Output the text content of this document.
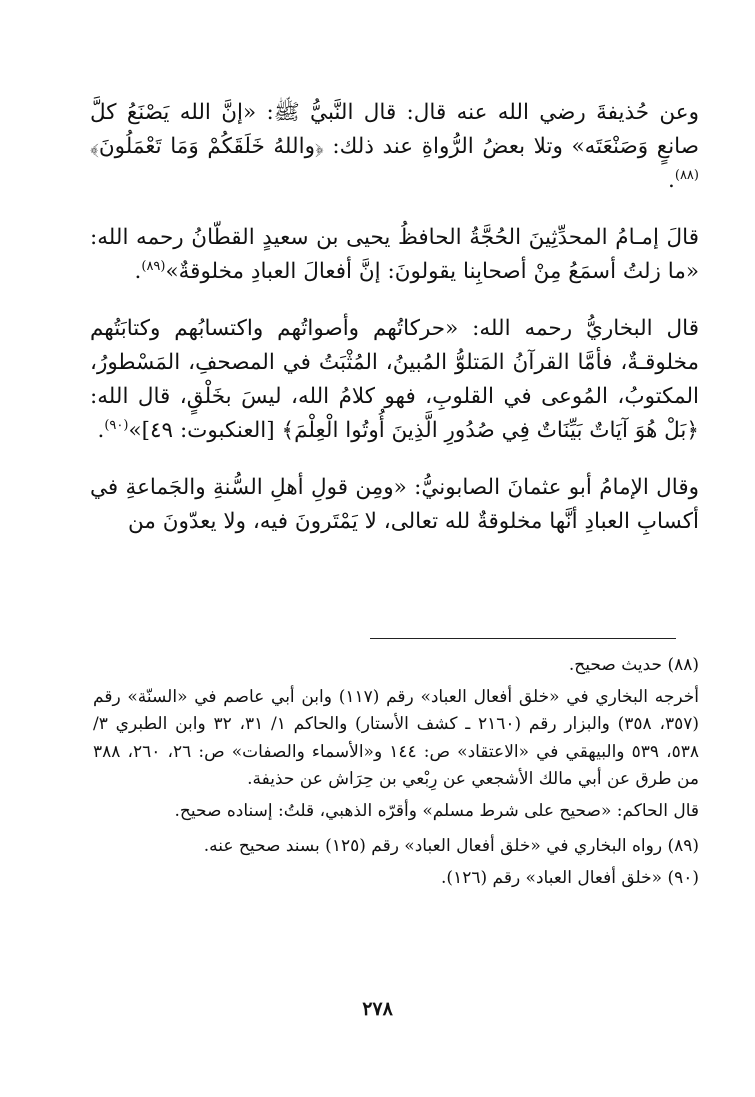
وعن حُذيفةَ رضي الله عنه قال: قال النَّبيُّ ﷺ: «إنَّ الله يَصْنَعُ كلَّ صانعٍ وَصَنْعَتَه» وتلا بعضُ الرُّواةِ عند ذلك: ﴿واللهُ خَلَقَكُمْ وَمَا تَعْمَلُونَ﴾$^{(٨٨)}$.

قالَ إمـامُ المحدِّثِينَ الحُجَّةُ الحافظُ يحيى بن سعيدٍ القطّانُ رحمه الله: «ما زلتُ أسمَعُ مِنْ أصحابِنا يقولونَ: إنَّ أفعالَ العبادِ مخلوقةٌ»$^{(٨٩)}$.

قال البخاريُّ رحمه الله: «حركاتُهم وأصواتُهم واكتسابُهم وكتابَتُهم مخلوقـةٌ، فأمَّا القرآنُ المَتلوُّ المُبينُ، المُثْبَتُ في المصحفِ، المَسْطورُ، المكتوبُ، المُوعى في القلوبِ، فهو كلامُ الله، ليسَ بخَلْقٍ، قال الله: ﴿بَلْ هُوَ آيَاتٌ بَيِّنَاتٌ فِي صُدُورِ الَّذِينَ أُوتُوا الْعِلْمَ﴾ [العنكبوت: ٤٩]»$^{(٩٠)}$.

وقال الإمامُ أبو عثمانَ الصابونيُّ: «ومِن قولِ أهلِ السُّنةِ والجَماعةِ في أكسابِ العبادِ أنَّها مخلوقةٌ لله تعالى، لا يَمْتَرونَ فيه، ولا يعدّونَ من

(٨٨) حديث صحيح.

أخرجه البخاري في «خلق أفعال العباد» رقم (١١٧) وابن أبي عاصم في «السنّة» رقم (٣٥٧، ٣٥٨) والبزار رقم (٢١٦٠ ـ كشف الأستار) والحاكم ١/ ٣١، ٣٢ وابن الطبري ٣/ ٥٣٨، ٥٣٩ والبيهقي في «الاعتقاد» ص: ١٤٤ و«الأسماء والصفات» ص: ٢٦، ٢٦٠، ٣٨٨ من طرق عن أبي مالك الأشجعي عن رِبْعي بن حِرَاش عن حذيفة.

قال الحاكم: «صحيح على شرط مسلم» وأقرّه الذهبي، قلتُ: إسناده صحيح.

(٨٩) رواه البخاري في «خلق أفعال العباد» رقم (١٢٥) بسند صحيح عنه.

(٩٠) «خلق أفعال العباد» رقم (١٢٦).

٢٧٨
